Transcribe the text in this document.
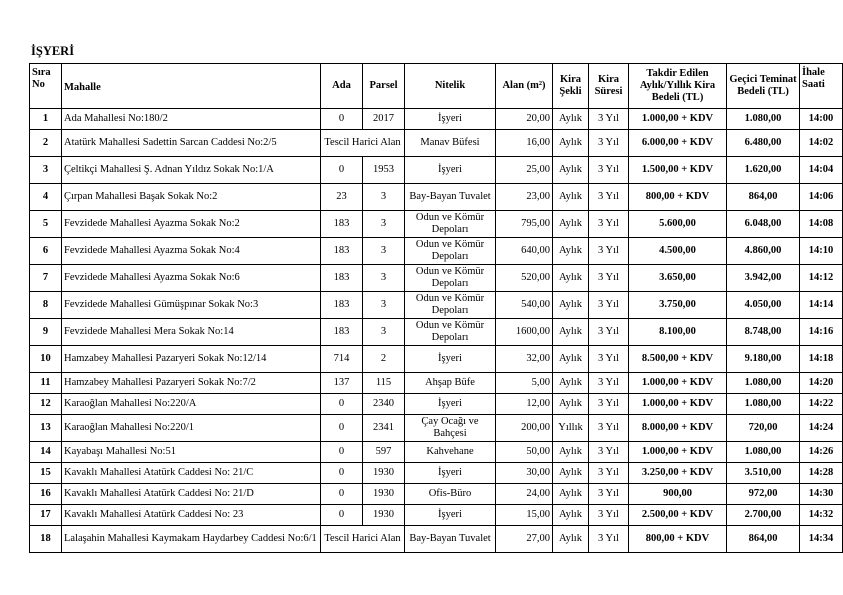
İŞYERİ
Sıra No	Mahalle	Ada	Parsel	Nitelik	Alan (m²)	Kira Şekli	Kira Süresi	Takdir Edilen Aylık/Yıllık Kira Bedeli (TL)	Geçici Teminat Bedeli (TL)	İhale Saati
1	Ada Mahallesi No:180/2	0	2017	İşyeri	20,00	Aylık	3 Yıl	1.000,00 + KDV	1.080,00	14:00
2	Atatürk Mahallesi Sadettin Sarcan Caddesi No:2/5	Tescil Harici Alan		Manav Büfesi	16,00	Aylık	3 Yıl	6.000,00 + KDV	6.480,00	14:02
3	Çeltikçi Mahallesi Ş. Adnan Yıldız Sokak No:1/A	0	1953	İşyeri	25,00	Aylık	3 Yıl	1.500,00 + KDV	1.620,00	14:04
4	Çırpan Mahallesi Başak Sokak No:2	23	3	Bay-Bayan Tuvalet	23,00	Aylık	3 Yıl	800,00 + KDV	864,00	14:06
5	Fevzidede Mahallesi Ayazma Sokak No:2	183	3	Odun ve Kömür Depoları	795,00	Aylık	3 Yıl	5.600,00	6.048,00	14:08
6	Fevzidede Mahallesi Ayazma Sokak No:4	183	3	Odun ve Kömür Depoları	640,00	Aylık	3 Yıl	4.500,00	4.860,00	14:10
7	Fevzidede Mahallesi Ayazma Sokak No:6	183	3	Odun ve Kömür Depoları	520,00	Aylık	3 Yıl	3.650,00	3.942,00	14:12
8	Fevzidede Mahallesi Gümüşpınar Sokak No:3	183	3	Odun ve Kömür Depoları	540,00	Aylık	3 Yıl	3.750,00	4.050,00	14:14
9	Fevzidede Mahallesi Mera Sokak No:14	183	3	Odun ve Kömür Depoları	1600,00	Aylık	3 Yıl	8.100,00	8.748,00	14:16
10	Hamzabey Mahallesi Pazaryeri Sokak No:12/14	714	2	İşyeri	32,00	Aylık	3 Yıl	8.500,00 + KDV	9.180,00	14:18
11	Hamzabey Mahallesi Pazaryeri Sokak No:7/2	137	115	Ahşap Büfe	5,00	Aylık	3 Yıl	1.000,00 + KDV	1.080,00	14:20
12	Karaoğlan Mahallesi No:220/A	0	2340	İşyeri	12,00	Aylık	3 Yıl	1.000,00 + KDV	1.080,00	14:22
13	Karaoğlan Mahallesi No:220/1	0	2341	Çay Ocağı ve Bahçesi	200,00	Yıllık	3 Yıl	8.000,00 + KDV	720,00	14:24
14	Kayabaşı Mahallesi No:51	0	597	Kahvehane	50,00	Aylık	3 Yıl	1.000,00 + KDV	1.080,00	14:26
15	Kavaklı Mahallesi Atatürk Caddesi No: 21/C	0	1930	İşyeri	30,00	Aylık	3 Yıl	3.250,00 + KDV	3.510,00	14:28
16	Kavaklı Mahallesi Atatürk Caddesi No: 21/D	0	1930	Ofis-Büro	24,00	Aylık	3 Yıl	900,00	972,00	14:30
17	Kavaklı Mahallesi Atatürk Caddesi No: 23	0	1930	İşyeri	15,00	Aylık	3 Yıl	2.500,00 + KDV	2.700,00	14:32
18	Lalaşahin Mahallesi Kaymakam Haydarbey Caddesi No:6/1	Tescil Harici Alan		Bay-Bayan Tuvalet	27,00	Aylık	3 Yıl	800,00 + KDV	864,00	14:34
